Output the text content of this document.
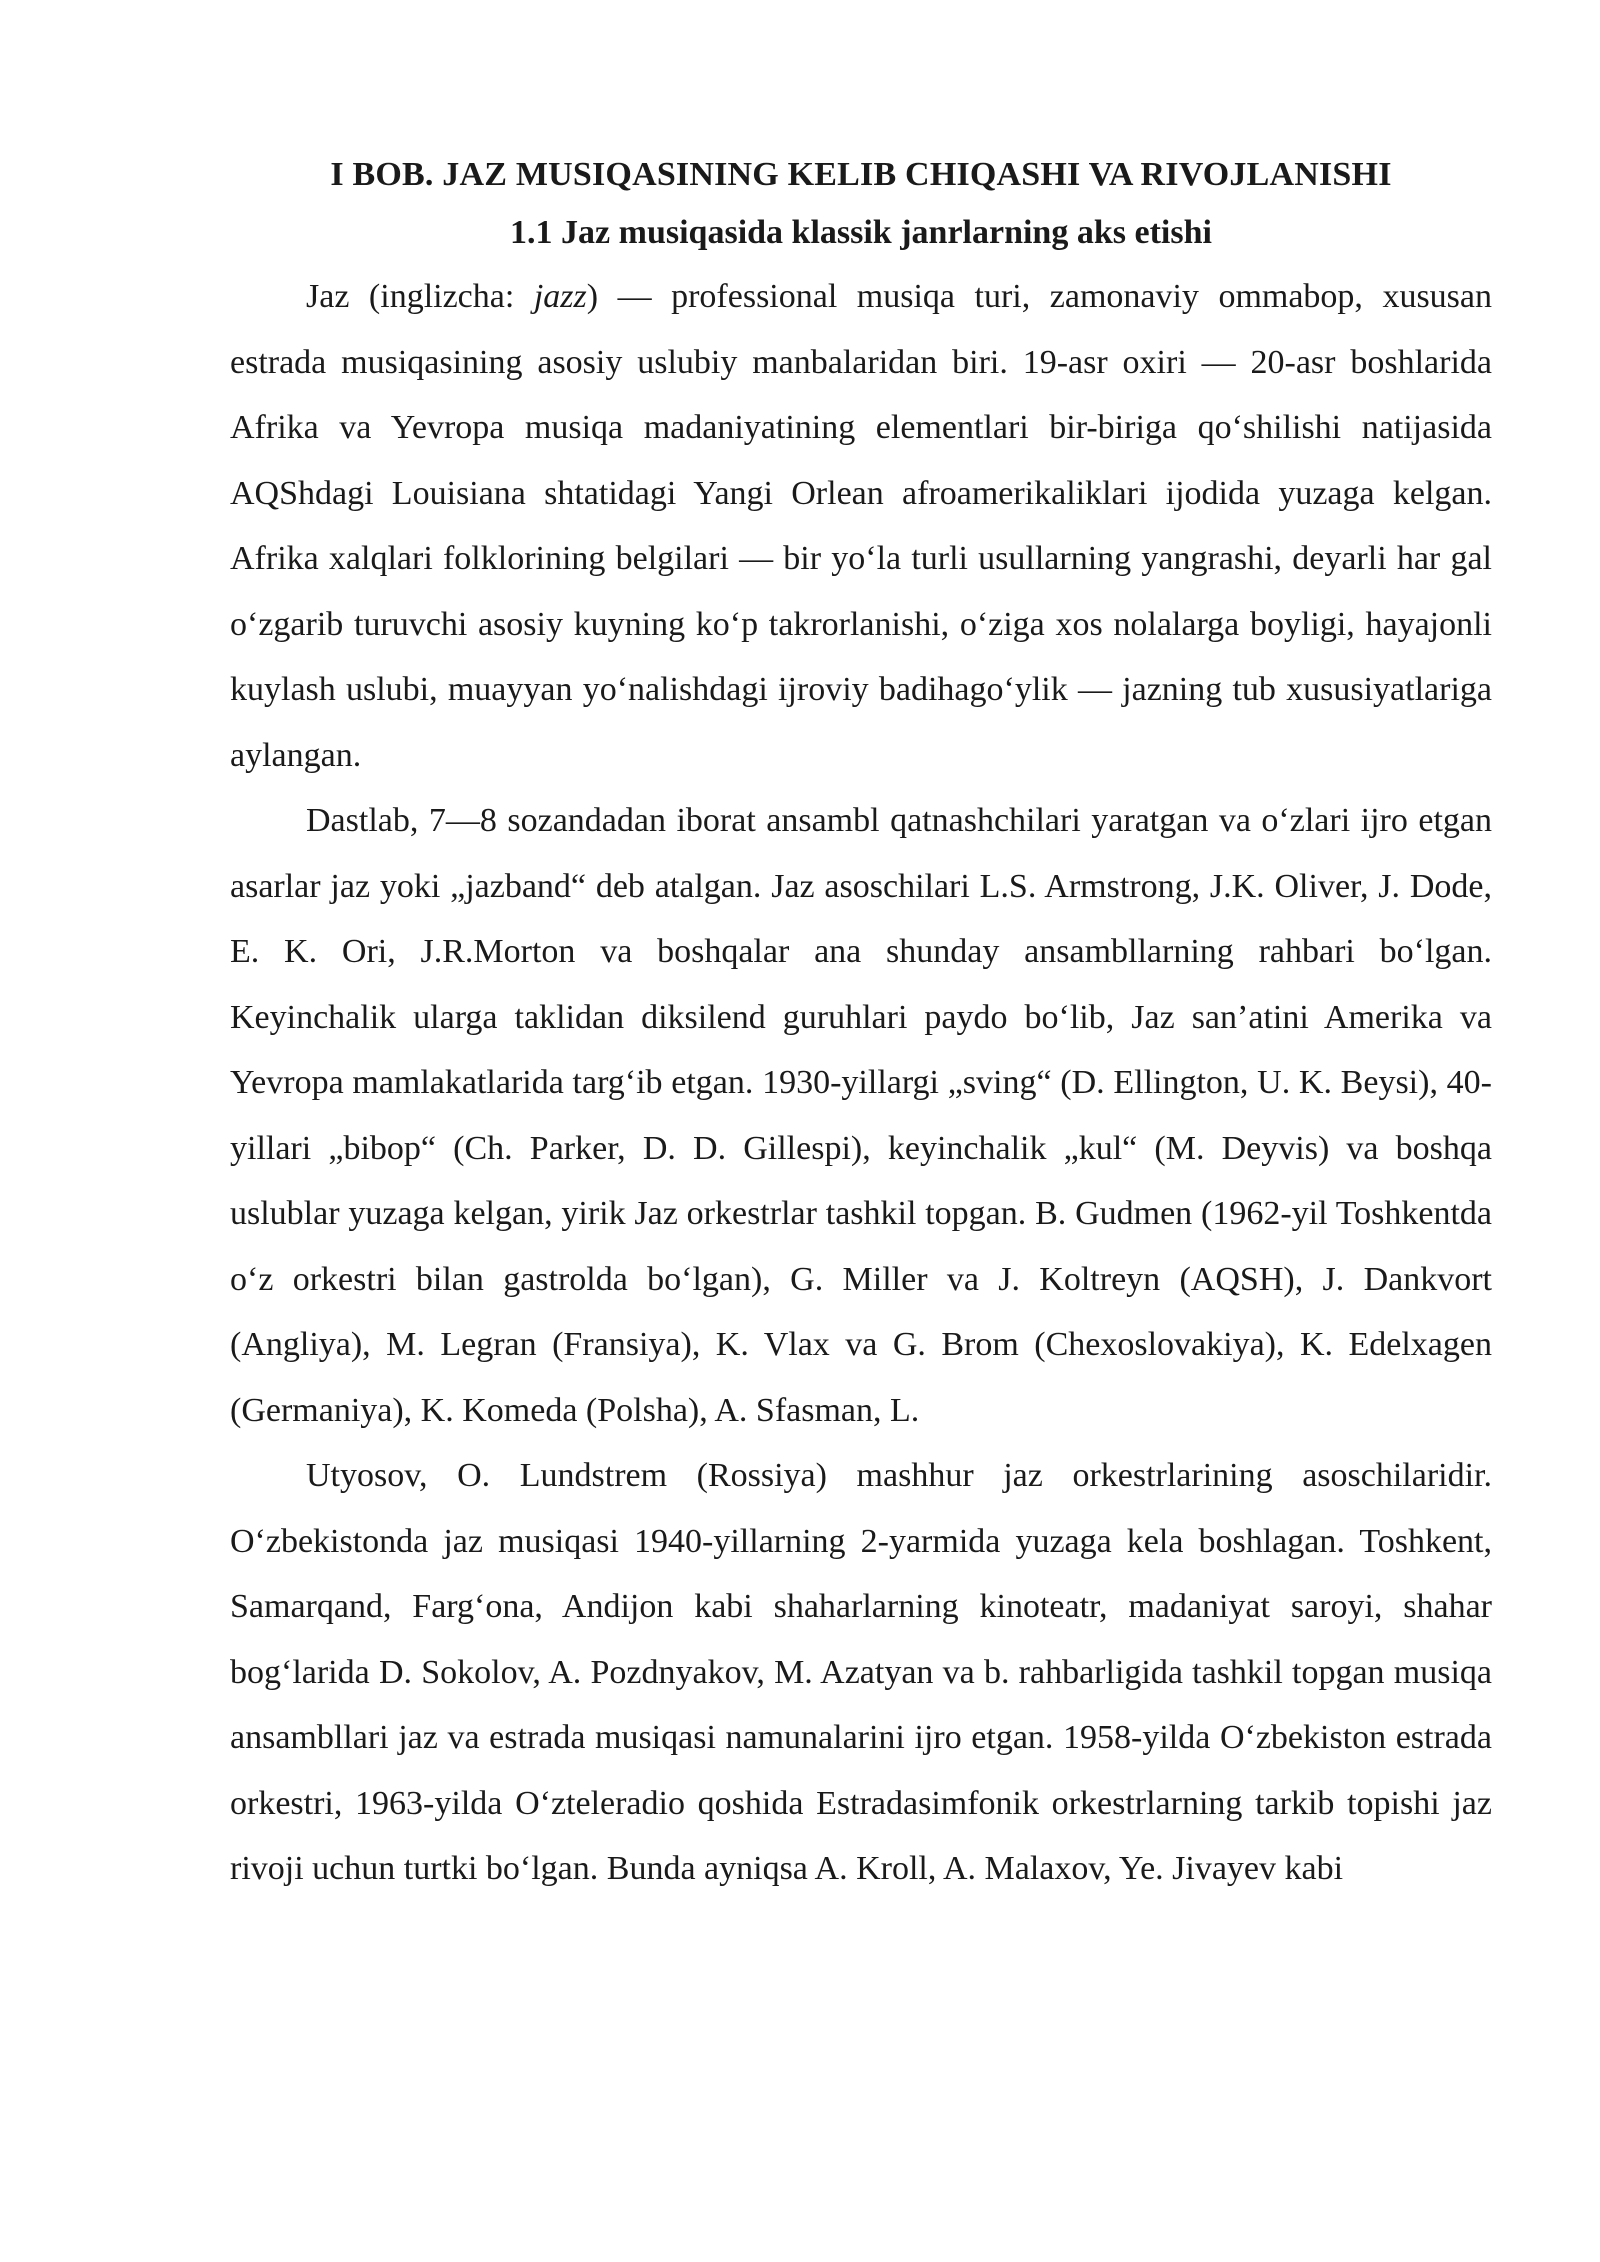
I BOB. JAZ MUSIQASINING KELIB CHIQASHI VA RIVOJLANISHI
1.1 Jaz musiqasida klassik janrlarning aks etishi

Jaz (inglizcha: jazz) — professional musiqa turi, zamonaviy ommabop, xususan estrada musiqasining asosiy uslubiy manbalaridan biri. 19-asr oxiri — 20-asr boshlarida Afrika va Yevropa musiqa madaniyatining elementlari bir-biriga qo‘shilishi natijasida AQShdagi Louisiana shtatidagi Yangi Orlean afroamerikaliklari ijodida yuzaga kelgan. Afrika xalqlari folklorining belgilari — bir yo‘la turli usullarning yangrashi, deyarli har gal o‘zgarib turuvchi asosiy kuyning ko‘p takrorlanishi, o‘ziga xos nolalarga boyligi, hayajonli kuylash uslubi, muayyan yo‘nalishdagi ijroviy badihago‘ylik — jazning tub xususiyatlariga aylangan.

Dastlab, 7—8 sozandadan iborat ansambl qatnashchilari yaratgan va o‘zlari ijro etgan asarlar jaz yoki „jazband“ deb atalgan. Jaz asoschilari L.S. Armstrong, J.K. Oliver, J. Dode, E. K. Ori, J.R.Morton va boshqalar ana shunday ansambllarning rahbari bo‘lgan. Keyinchalik ularga taklidan diksilend guruhlari paydo bo‘lib, Jaz san’atini Amerika va Yevropa mamlakatlarida targ‘ib etgan. 1930-yillargi „sving“ (D. Ellington, U. K. Beysi), 40-yillari „bibop“ (Ch. Parker, D. D. Gillespi), keyinchalik „kul“ (M. Deyvis) va boshqa uslublar yuzaga kelgan, yirik Jaz orkestrlar tashkil topgan. B. Gudmen (1962-yil Toshkentda o‘z orkestri bilan gastrolda bo‘lgan), G. Miller va J. Koltreyn (AQSH), J. Dankvort (Angliya), M. Legran (Fransiya), K. Vlax va G. Brom (Chexoslovakiya), K. Edelxagen (Germaniya), K. Komeda (Polsha), A. Sfasman, L.

Utyosov, O. Lundstrem (Rossiya) mashhur jaz orkestrlarining asoschilaridir. O‘zbekistonda jaz musiqasi 1940-yillarning 2-yarmida yuzaga kela boshlagan. Toshkent, Samarqand, Farg‘ona, Andijon kabi shaharlarning kinoteatr, madaniyat saroyi, shahar bog‘larida D. Sokolov, A. Pozdnyakov, M. Azatyan va b. rahbarligida tashkil topgan musiqa ansambllari jaz va estrada musiqasi namunalarini ijro etgan. 1958-yilda O‘zbekiston estrada orkestri, 1963-yilda O‘zteleradio qoshida Estradasimfonik orkestrlarning tarkib topishi jaz rivoji uchun turtki bo‘lgan. Bunda ayniqsa A. Kroll, A. Malaxov, Ye. Jivayev kabi
